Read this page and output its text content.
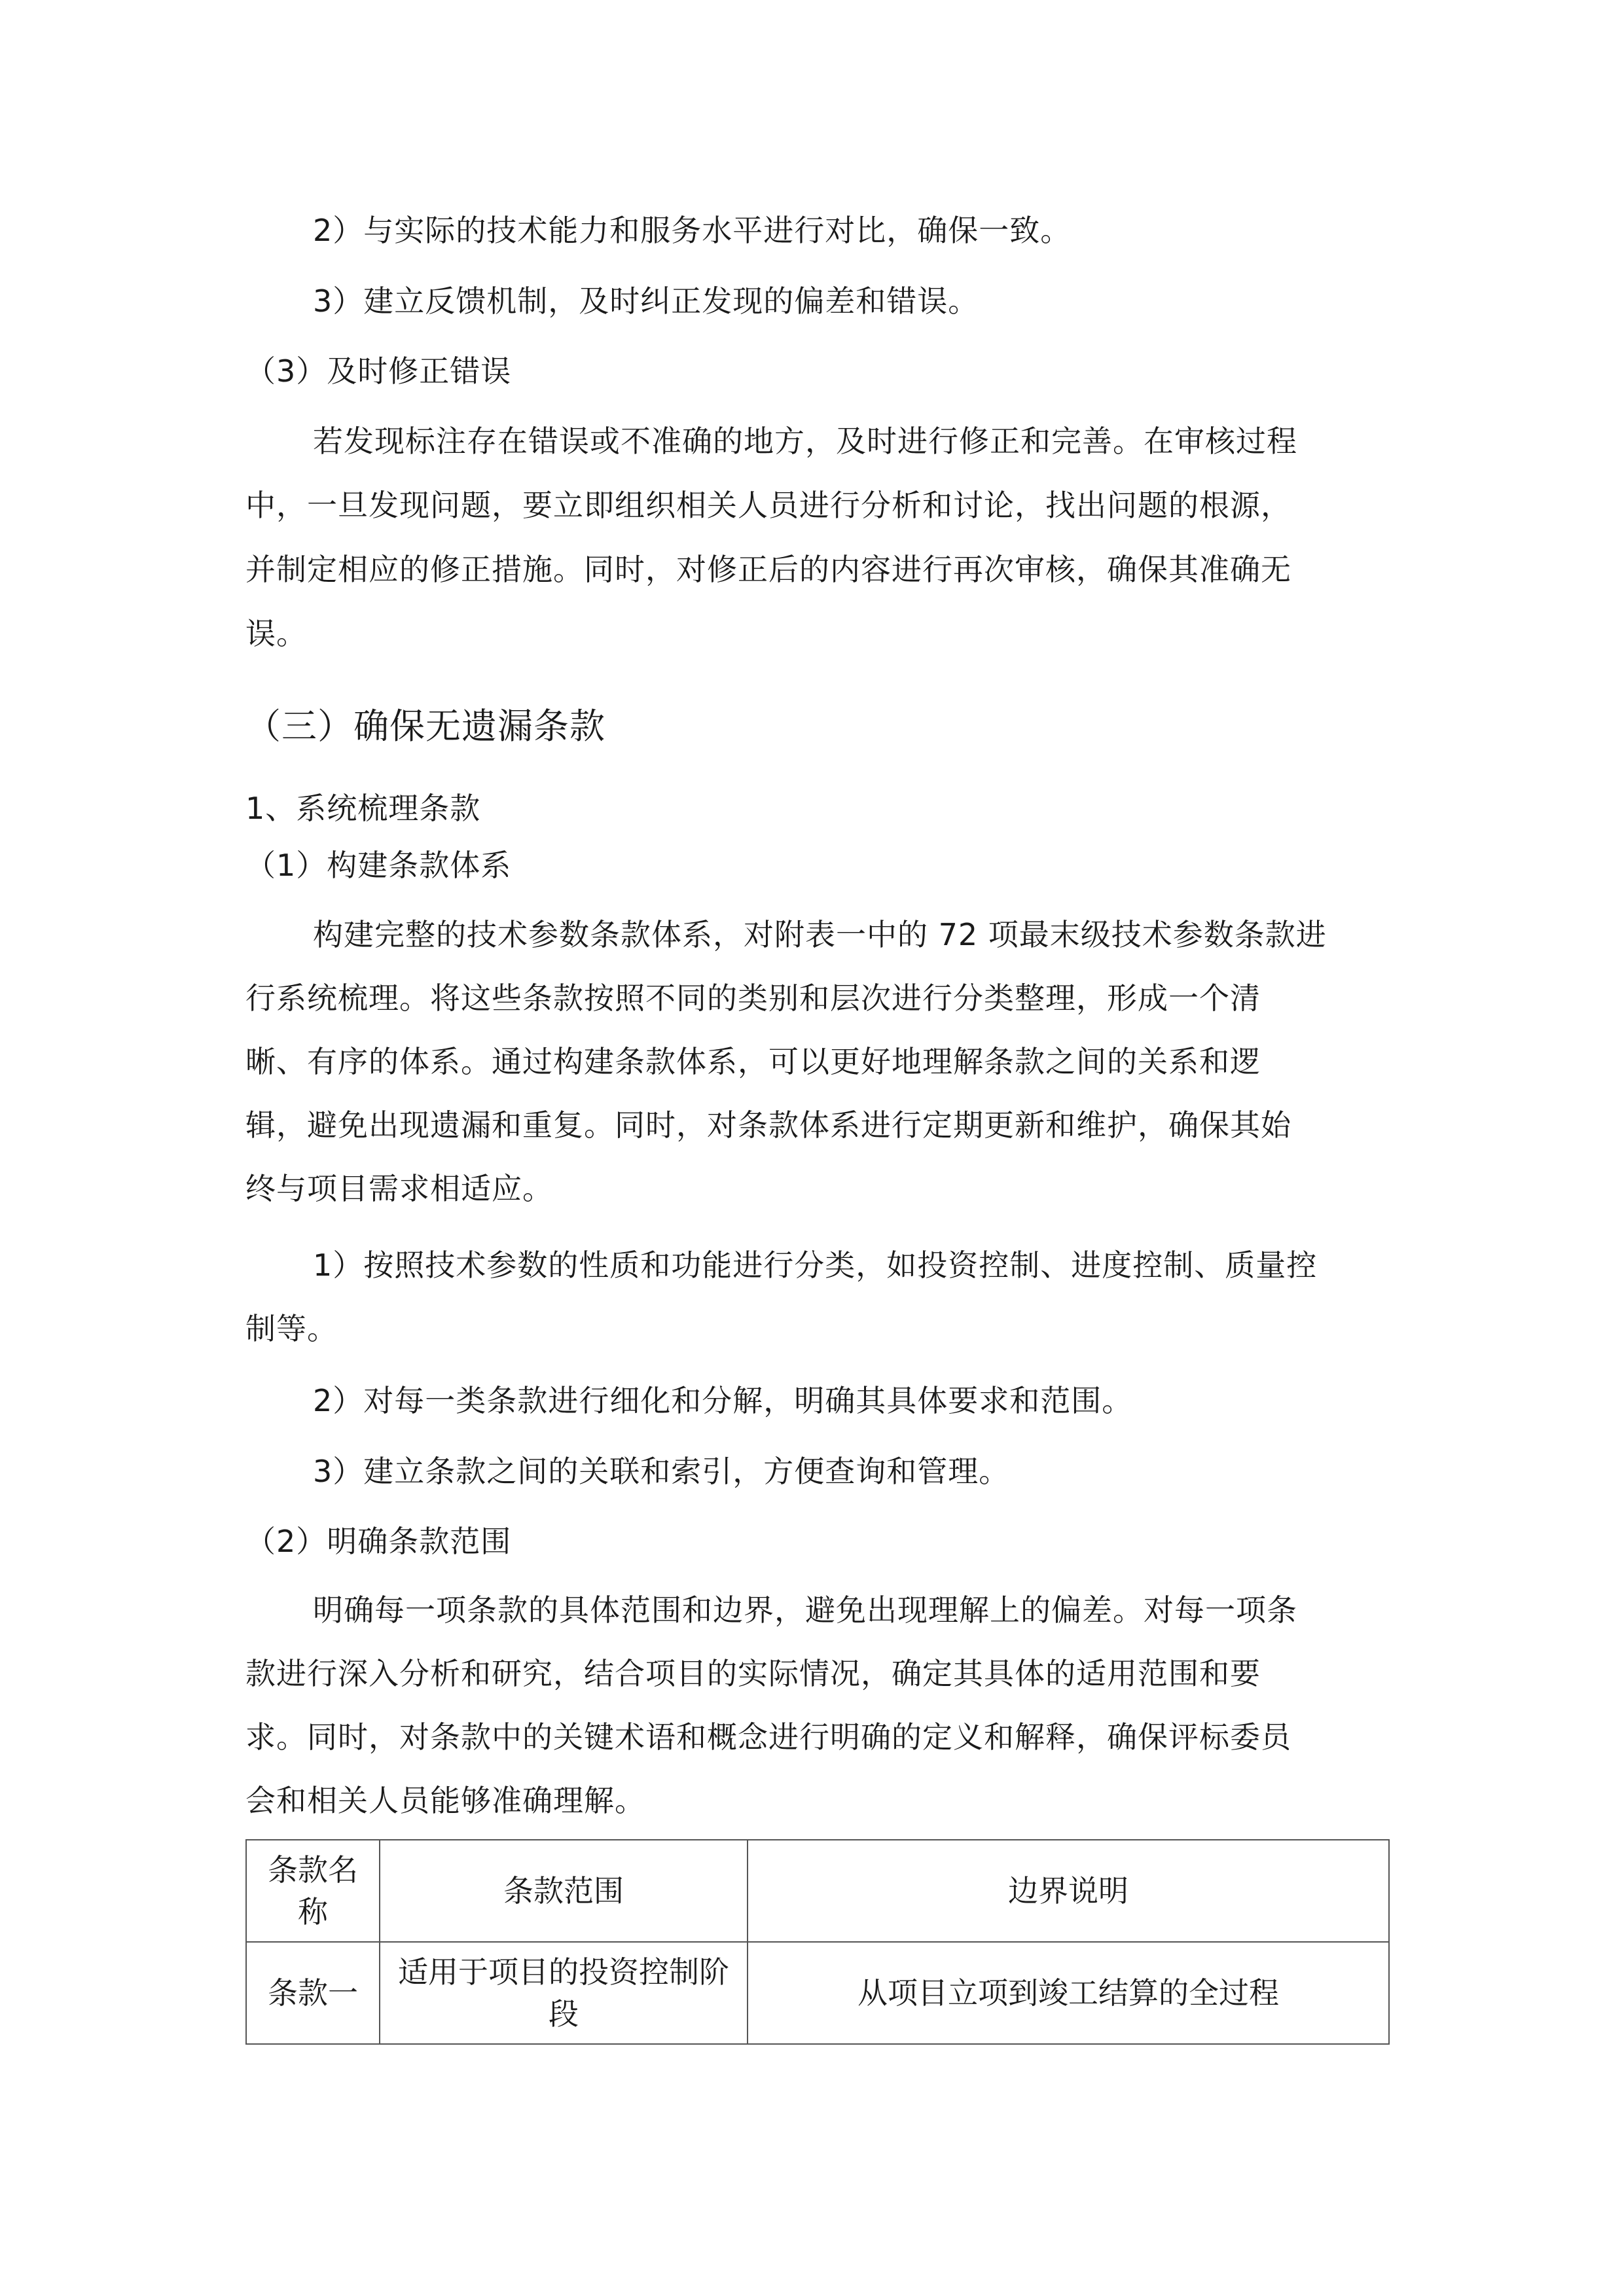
2）与实际的技术能力和服务水平进行对比，确保一致。
3）建立反馈机制，及时纠正发现的偏差和错误。
（3）及时修正错误
若发现标注存在错误或不准确的地方，及时进行修正和完善。在审核过程
中，一旦发现问题，要立即组织相关人员进行分析和讨论，找出问题的根源，
并制定相应的修正措施。同时，对修正后的内容进行再次审核，确保其准确无
误。
（三）确保无遗漏条款
1、系统梳理条款
（1）构建条款体系
构建完整的技术参数条款体系，对附表一中的 72 项最末级技术参数条款进
行系统梳理。将这些条款按照不同的类别和层次进行分类整理，形成一个清
晰、有序的体系。通过构建条款体系，可以更好地理解条款之间的关系和逻
辑，避免出现遗漏和重复。同时，对条款体系进行定期更新和维护，确保其始
终与项目需求相适应。
1）按照技术参数的性质和功能进行分类，如投资控制、进度控制、质量控
制等。
2）对每一类条款进行细化和分解，明确其具体要求和范围。
3）建立条款之间的关联和索引，方便查询和管理。
（2）明确条款范围
明确每一项条款的具体范围和边界，避免出现理解上的偏差。对每一项条
款进行深入分析和研究，结合项目的实际情况，确定其具体的适用范围和要
求。同时，对条款中的关键术语和概念进行明确的定义和解释，确保评标委员
会和相关人员能够准确理解。
条款名称	条款范围	边界说明
条款一	适用于项目的投资控制阶段	从项目立项到竣工结算的全过程
